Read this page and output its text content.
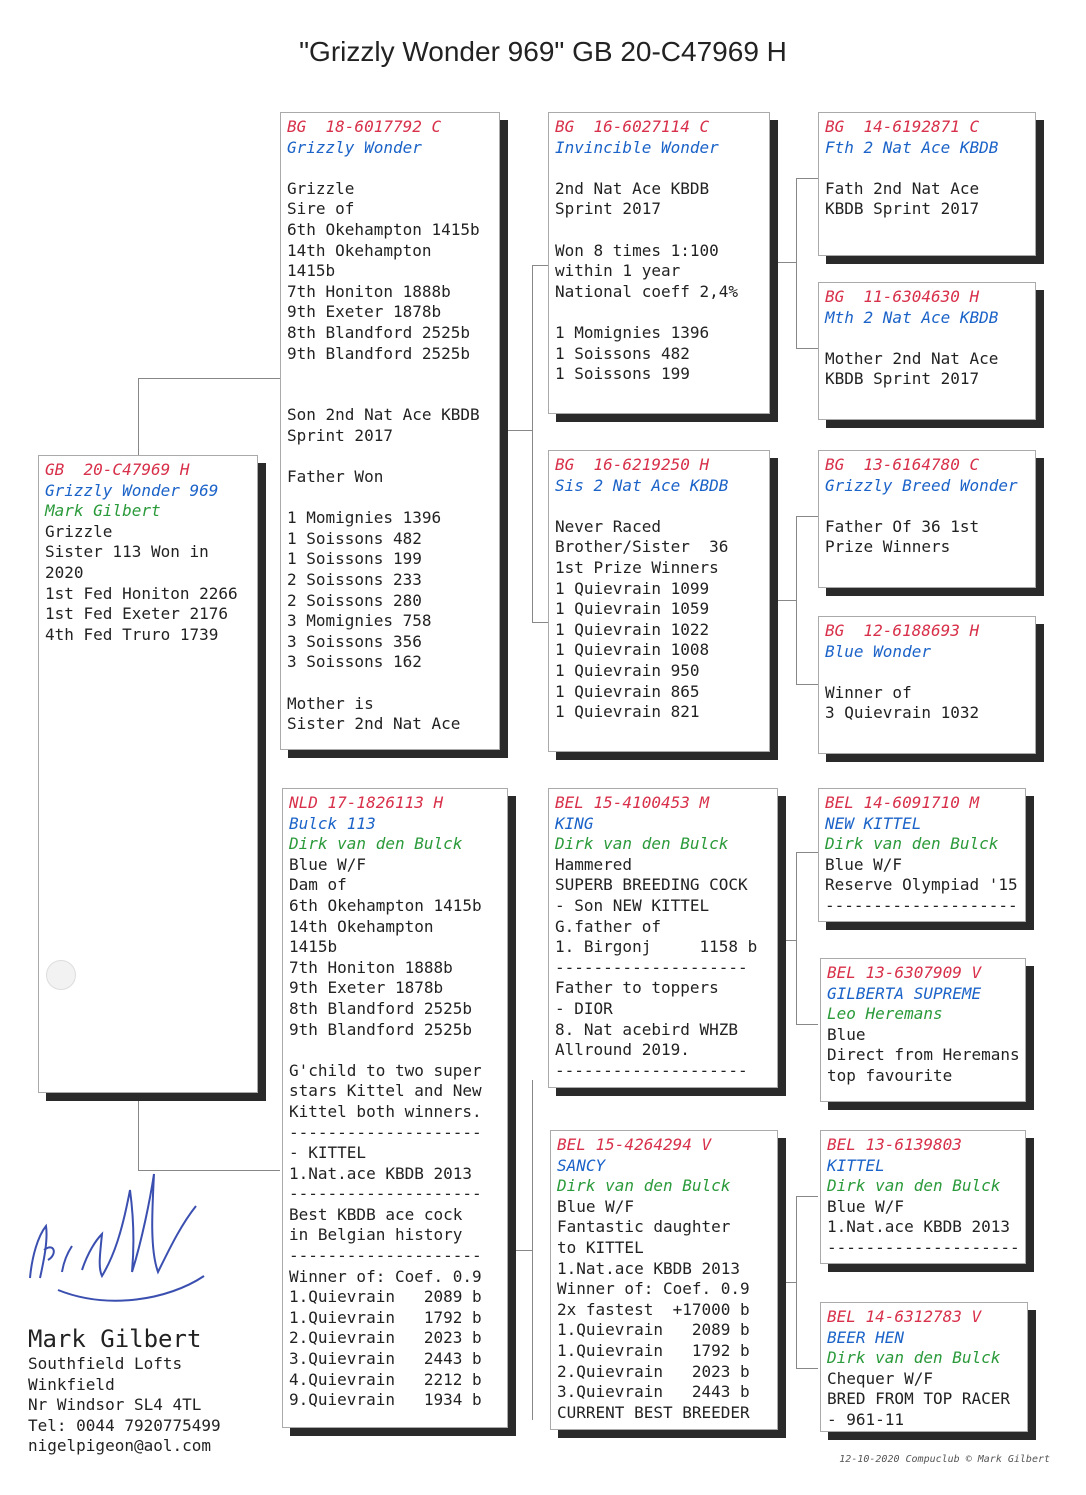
"Grizzly Wonder 969" GB 20-C47969 H
GB  20-C47969 H
Grizzly Wonder 969
Mark Gilbert
Grizzle
Sister 113 Won in
2020
1st Fed Honiton 2266
1st Fed Exeter 2176
4th Fed Truro 1739
BG  18-6017792 C
Grizzly Wonder

Grizzle
Sire of
6th Okehampton 1415b
14th Okehampton
1415b
7th Honiton 1888b
9th Exeter 1878b
8th Blandford 2525b
9th Blandford 2525b

Son 2nd Nat Ace KBDB
Sprint 2017

Father Won

1 Momignies 1396
1 Soissons 482
1 Soissons 199
2 Soissons 233
2 Soissons 280
3 Momignies 758
3 Soissons 356
3 Soissons 162

Mother is
Sister 2nd Nat Ace
NLD 17-1826113 H
Bulck 113
Dirk van den Bulck
Blue W/F
Dam of
6th Okehampton 1415b
14th Okehampton
1415b
7th Honiton 1888b
9th Exeter 1878b
8th Blandford 2525b
9th Blandford 2525b

G'child to two super
stars Kittel and New
Kittel both winners.
--------------------
- KITTEL
1.Nat.ace KBDB 2013
--------------------
Best KBDB ace cock
in Belgian history
--------------------
Winner of: Coef. 0.9
1.Quievrain   2089 b
1.Quievrain   1792 b
2.Quievrain   2023 b
3.Quievrain   2443 b
4.Quievrain   2212 b
9.Quievrain   1934 b
BG  16-6027114 C
Invincible Wonder

2nd Nat Ace KBDB
Sprint 2017

Won 8 times 1:100
within 1 year
National coeff 2,4%

1 Momignies 1396
1 Soissons 482
1 Soissons 199
BG  16-6219250 H
Sis 2 Nat Ace KBDB

Never Raced
Brother/Sister  36
1st Prize Winners
1 Quievrain 1099
1 Quievrain 1059
1 Quievrain 1022
1 Quievrain 1008
1 Quievrain 950
1 Quievrain 865
1 Quievrain 821
BEL 15-4100453 M
KING
Dirk van den Bulck
Hammered
SUPERB BREEDING COCK
- Son NEW KITTEL
G.father of
1. Birgonj     1158 b
--------------------
Father to toppers
- DIOR
8. Nat acebird WHZB
Allround 2019.
--------------------
BEL 15-4264294 V
SANCY
Dirk van den Bulck
Blue W/F
Fantastic daughter
to KITTEL
1.Nat.ace KBDB 2013
Winner of: Coef. 0.9
2x fastest  +17000 b
1.Quievrain   2089 b
1.Quievrain   1792 b
2.Quievrain   2023 b
3.Quievrain   2443 b
CURRENT BEST BREEDER
BG  14-6192871 C
Fth 2 Nat Ace KBDB

Fath 2nd Nat Ace
KBDB Sprint 2017
BG  11-6304630 H
Mth 2 Nat Ace KBDB

Mother 2nd Nat Ace
KBDB Sprint 2017
BG  13-6164780 C
Grizzly Breed Wonder

Father Of 36 1st
Prize Winners
BG  12-6188693 H
Blue Wonder

Winner of
3 Quievrain 1032
BEL 14-6091710 M
NEW KITTEL
Dirk van den Bulck
Blue W/F
Reserve Olympiad '15
--------------------
BEL 13-6307909 V
GILBERTA SUPREME
Leo Heremans
Blue
Direct from Heremans
top favourite
BEL 13-6139803
KITTEL
Dirk van den Bulck
Blue W/F
1.Nat.ace KBDB 2013
--------------------
BEL 14-6312783 V
BEER HEN
Dirk van den Bulck
Chequer W/F
BRED FROM TOP RACER
- 961-11
Mark Gilbert
Southfield Lofts
Winkfield
Nr Windsor SL4 4TL
Tel: 0044 7920775499
nigelpigeon@aol.com
12-10-2020 Compuclub © Mark Gilbert
